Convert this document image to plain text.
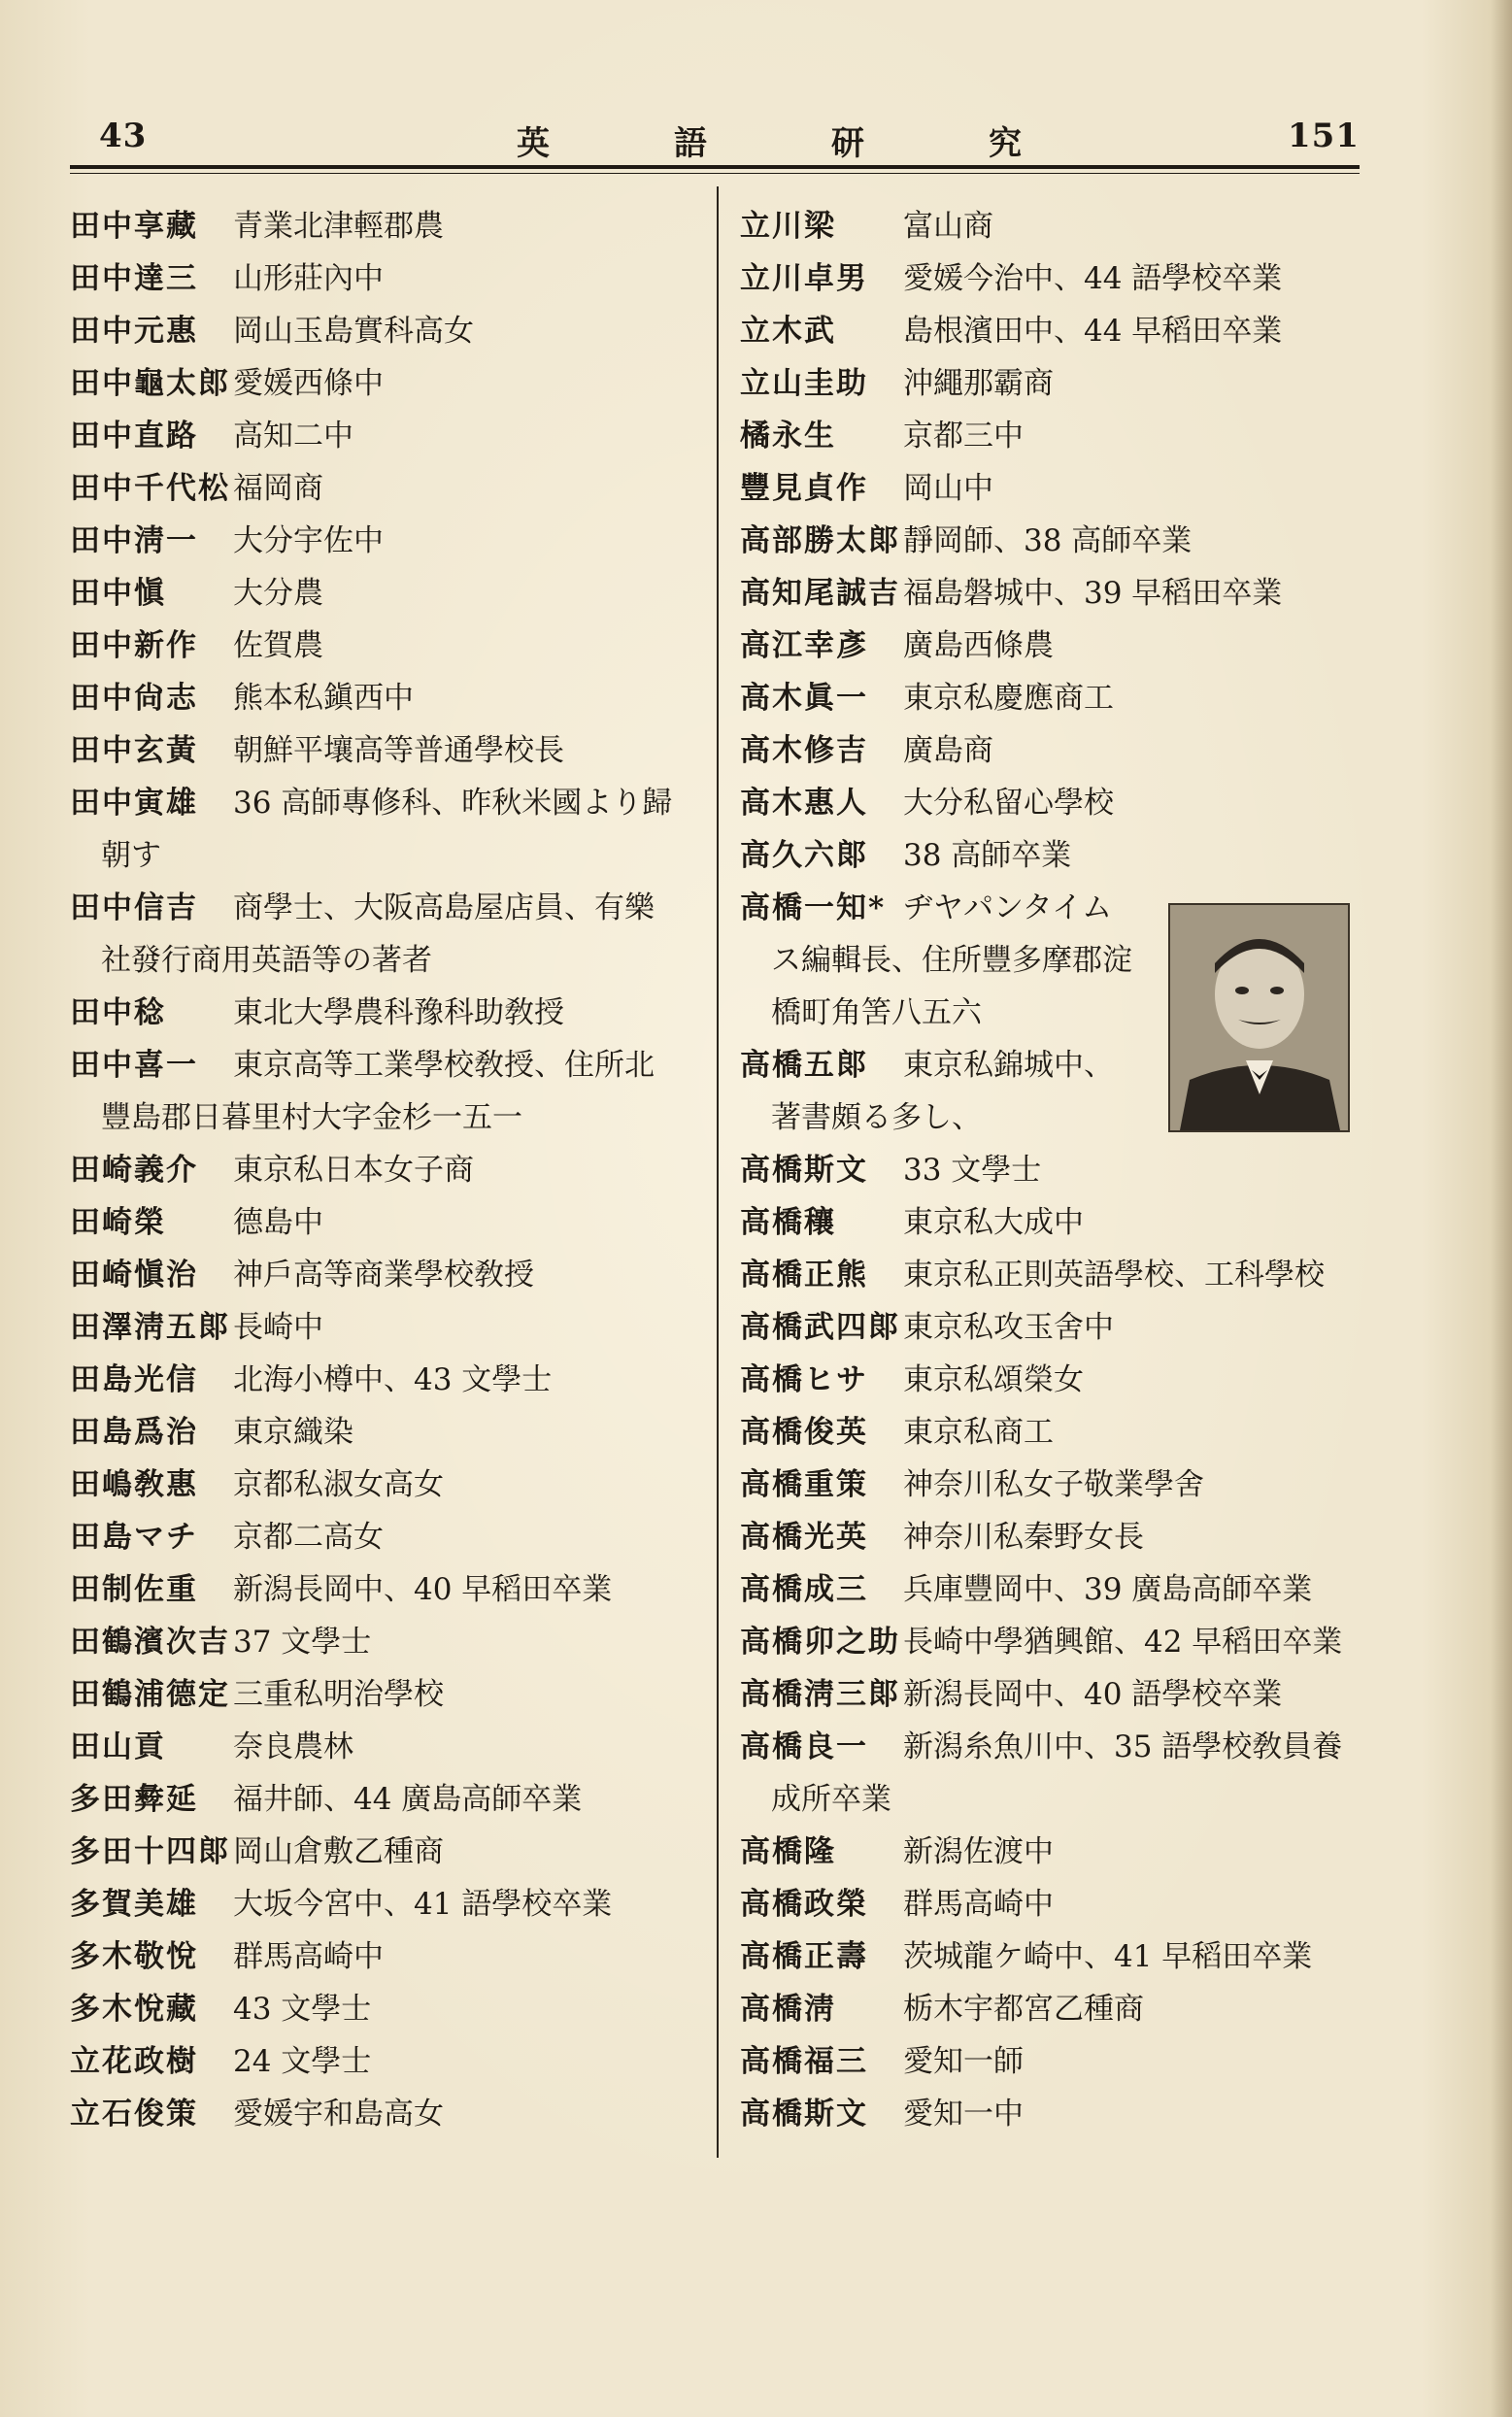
43	英	語	研	究	151
田中享藏 青業北津輕郡農
田中達三 山形莊內中
田中元惠 岡山玉島實科高女
田中龜太郎愛媛西條中
田中直路 高知二中
田中千代松福岡商
田中淸一 大分宇佐中
田中愼 大分農
田中新作 佐賀農
田中尙志 熊本私鎭西中
田中玄黃 朝鮮平壤高等普通學校長
田中寅雄 36 高師專修科、昨秋米國より歸
朝す
田中信吉 商學士、大阪高島屋店員、有樂
社發行商用英語等の著者
田中稔 東北大學農科豫科助敎授
田中喜一 東京高等工業學校敎授、住所北
豐島郡日暮里村大字金杉一五一
田崎義介 東京私日本女子商
田崎榮 德島中
田崎愼治 神戶高等商業學校敎授
田澤淸五郞長崎中
田島光信 北海小樽中、43 文學士
田島爲治 東京織染
田嶋敎惠 京都私淑女高女
田島マチ 京都二高女
田制佐重 新潟長岡中、40 早稻田卒業
田鶴濱次吉37 文學士
田鶴浦德定三重私明治學校
田山貢 奈良農林
多田彜延 福井師、44 廣島高師卒業
多田十四郞岡山倉敷乙種商
多賀美雄 大坂今宮中、41 語學校卒業
多木敬悅 群馬高崎中
多木悅藏 43 文學士
立花政樹 24 文學士
立石俊策 愛媛宇和島高女
立川梁 富山商
立川卓男 愛媛今治中、44 語學校卒業
立木武 島根濱田中、44 早稻田卒業
立山圭助 沖繩那霸商
橘永生 京都三中
豐見貞作 岡山中
高部勝太郞靜岡師、38 高師卒業
高知尾誠吉福島磐城中、39 早稻田卒業
高江幸彥 廣島西條農
高木眞一 東京私慶應商工
高木修吉 廣島商
高木惠人 大分私留心學校
高久六郞 38 高師卒業
高橋一知* ヂヤパンタイム
ス編輯長、住所豐多摩郡淀
橋町角筈八五六
高橋五郞 東京私錦城中、
著書頗る多し、
高橋斯文 33 文學士
高橋穰 東京私大成中
高橋正熊 東京私正則英語學校、工科學校
高橋武四郞東京私攻玉舍中
高橋ヒサ 東京私頌榮女
高橋俊英 東京私商工
高橋重策 神奈川私女子敬業學舍
高橋光英 神奈川私秦野女長
高橋成三 兵庫豐岡中、39 廣島高師卒業
高橋卯之助長崎中學猶興館、42 早稻田卒業
高橋淸三郞新潟長岡中、40 語學校卒業
高橋良一 新潟糸魚川中、35 語學校敎員養
成所卒業
高橋隆 新潟佐渡中
高橋政榮 群馬高崎中
高橋正壽 茨城龍ケ崎中、41 早稻田卒業
高橋淸 栃木宇都宮乙種商
高橋福三 愛知一師
高橋斯文 愛知一中
